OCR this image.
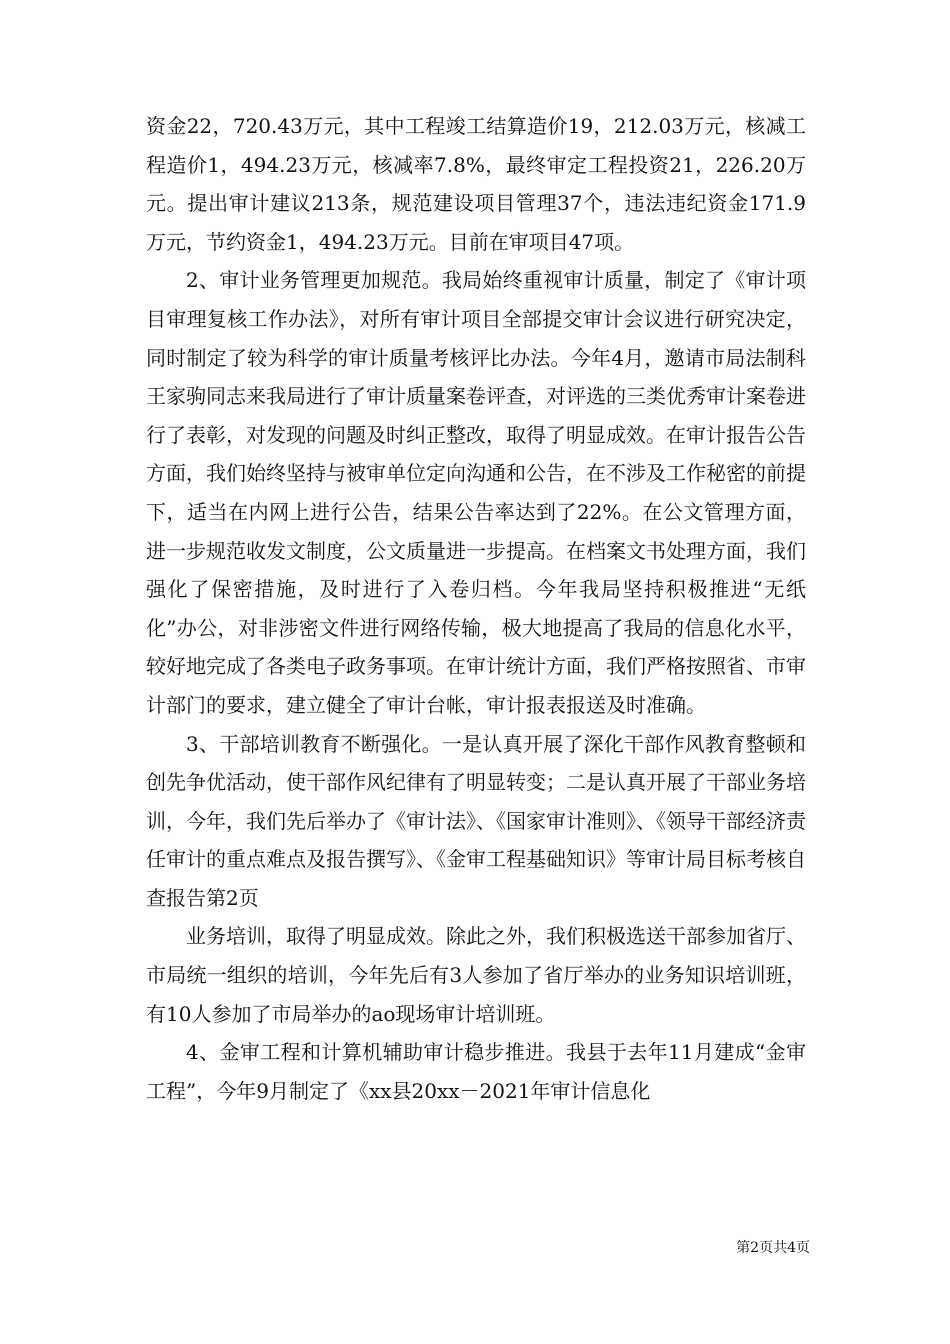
资金22，720.43万元，其中工程竣工结算造价19，212.03万元，核减工程造价1，494.23万元，核减率7.8%，最终审定工程投资21，226.20万元。提出审计建议213条，规范建设项目管理37个，违法违纪资金171.9万元，节约资金1，494.23万元。目前在审项目47项。

2、审计业务管理更加规范。我局始终重视审计质量，制定了《审计项目审理复核工作办法》，对所有审计项目全部提交审计会议进行研究决定，同时制定了较为科学的审计质量考核评比办法。今年4月，邀请市局法制科王家驹同志来我局进行了审计质量案卷评查，对评选的三类优秀审计案卷进行了表彰，对发现的问题及时纠正整改，取得了明显成效。在审计报告公告方面，我们始终坚持与被审单位定向沟通和公告，在不涉及工作秘密的前提下，适当在内网上进行公告，结果公告率达到了22%。在公文管理方面，进一步规范收发文制度，公文质量进一步提高。在档案文书处理方面，我们强化了保密措施，及时进行了入卷归档。今年我局坚持积极推进“无纸化”办公，对非涉密文件进行网络传输，极大地提高了我局的信息化水平，较好地完成了各类电子政务事项。在审计统计方面，我们严格按照省、市审计部门的要求，建立健全了审计台帐，审计报表报送及时准确。

3、干部培训教育不断强化。一是认真开展了深化干部作风教育整顿和创先争优活动，使干部作风纪律有了明显转变；二是认真开展了干部业务培训，今年，我们先后举办了《审计法》、《国家审计准则》、《领导干部经济责任审计的重点难点及报告撰写》、《金审工程基础知识》等审计局目标考核自查报告第2页

业务培训，取得了明显成效。除此之外，我们积极选送干部参加省厅、市局统一组织的培训，今年先后有3人参加了省厅举办的业务知识培训班，有10人参加了市局举办的ao现场审计培训班。

4、金审工程和计算机辅助审计稳步推进。我县于去年11月建成“金审工程”，今年9月制定了《xx县20xx－2021年审计信息化

第2页共4页
